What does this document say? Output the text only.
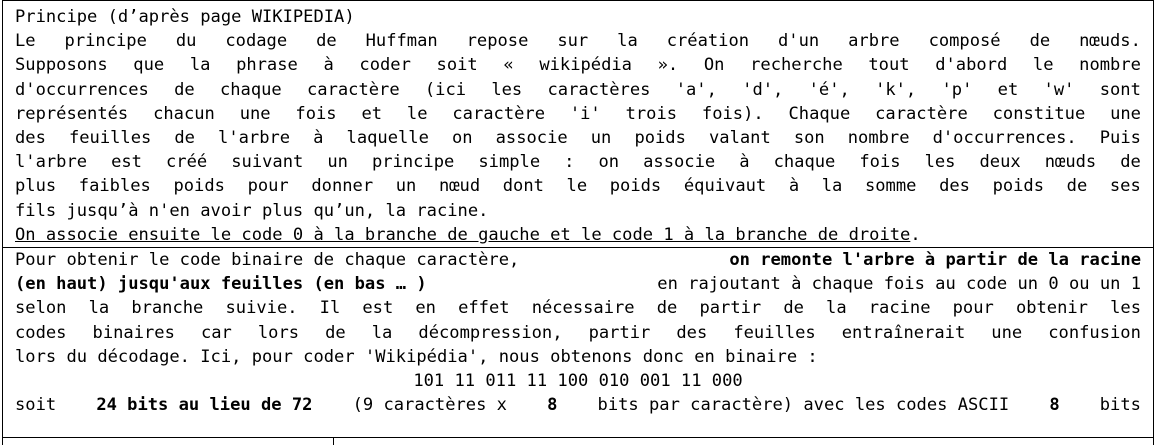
Principe (d’après page WIKIPEDIA)
Le principe du codage de Huffman repose sur la création d'un arbre composé de nœuds.
Supposons que la phrase à coder soit « wikipédia ». On recherche tout d'abord le nombre
d'occurrences de chaque caractère (ici les caractères 'a', 'd', 'é', 'k', 'p' et 'w' sont
représentés chacun une fois et le caractère 'i' trois fois). Chaque caractère constitue une
des feuilles de l'arbre à laquelle on associe un poids valant son nombre d'occurrences. Puis
l'arbre est créé suivant un principe simple : on associe à chaque fois les deux nœuds de
plus faibles poids pour donner un nœud dont le poids équivaut à la somme des poids de ses
fils jusqu’à n'en avoir plus qu’un, la racine.
On associe ensuite le code 0 à la branche de gauche et le code 1 à la branche de droite.
Pour obtenir le code binaire de chaque caractère,	on remonte l'arbre à partir de la racine
(en haut) jusqu'aux feuilles (en bas … )	en rajoutant à chaque fois au code un 0 ou un 1
selon la branche suivie. Il est en effet nécessaire de partir de la racine pour obtenir les
codes binaires car lors de la décompression, partir des feuilles entraînerait une confusion
lors du décodage. Ici, pour coder 'Wikipédia', nous obtenons donc en binaire :
101 11 011 11 100 010 001 11 000
soit 24 bits au lieu de 72 (9 caractères x 8 bits par caractère) avec les codes ASCII 8 bits
